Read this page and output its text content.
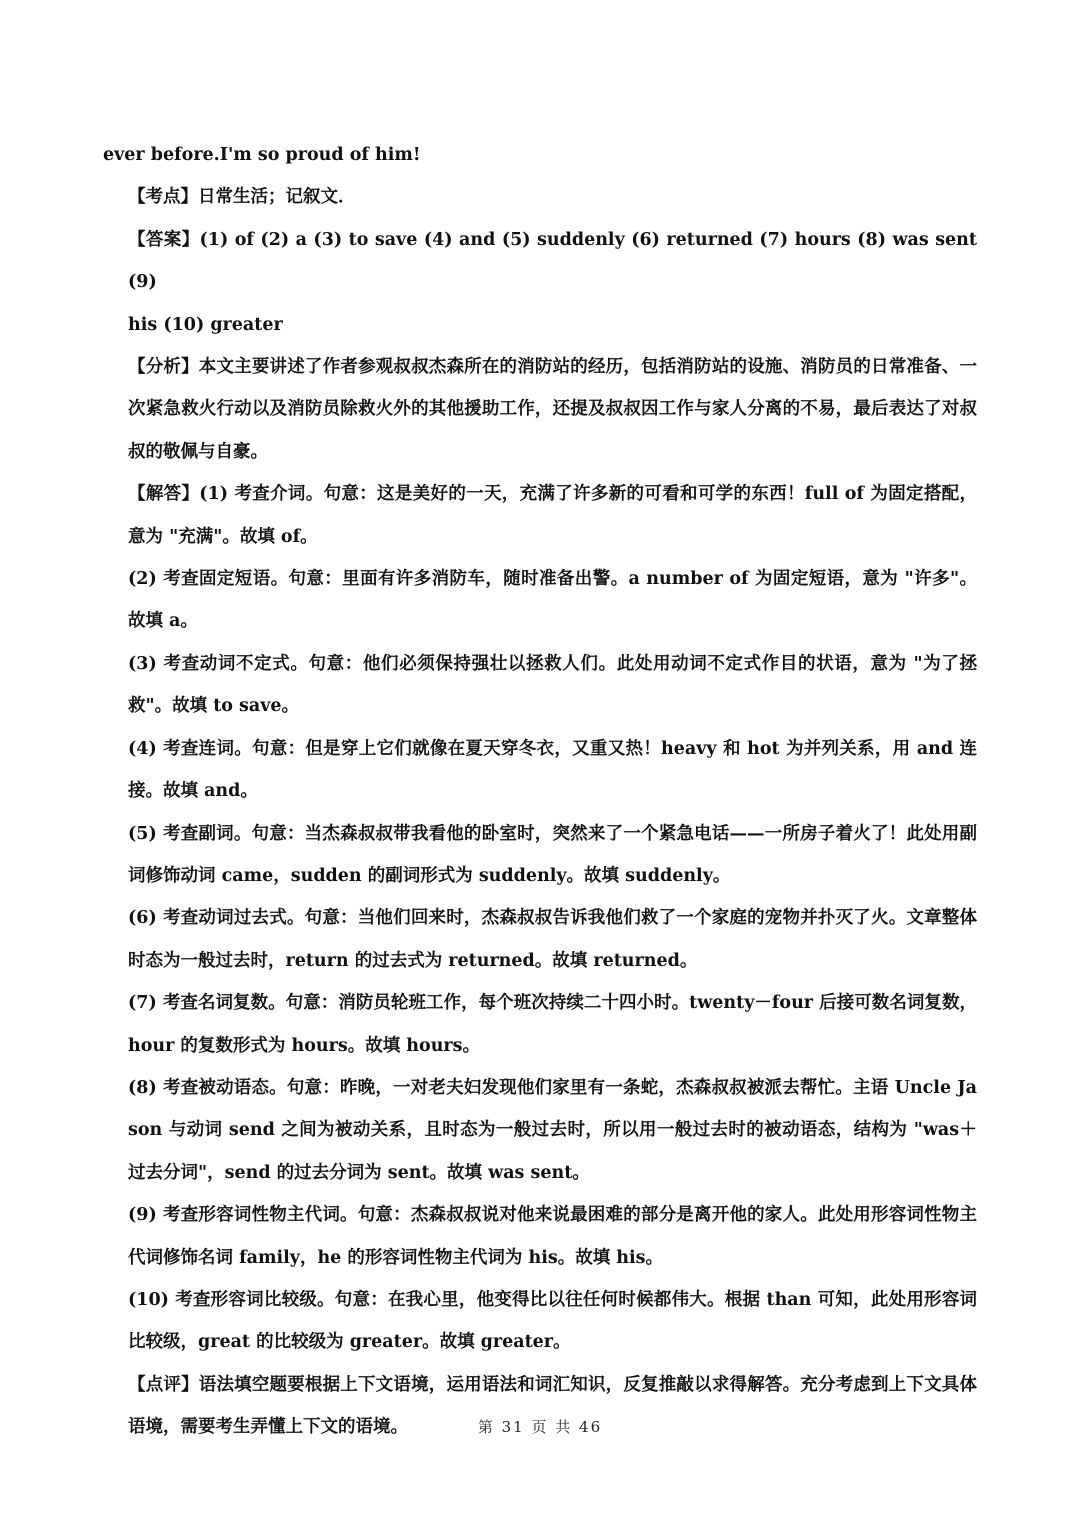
ever before.I'm so proud of him!

【考点】日常生活；记叙文．

【答案】(1) of (2) a (3) to save (4) and (5) suddenly (6) returned (7) hours (8) was sent (9)

his (10) greater

【分析】本文主要讲述了作者参观叔叔杰森所在的消防站的经历，包括消防站的设施、消防员的日常准备、一次紧急救火行动以及消防员除救火外的其他援助工作，还提及叔叔因工作与家人分离的不易，最后表达了对叔叔的敬佩与自豪。

【解答】(1) 考查介词。句意：这是美好的一天，充满了许多新的可看和可学的东西！full of 为固定搭配，意为 "充满"。故填 of。

(2) 考查固定短语。句意：里面有许多消防车，随时准备出警。a number of 为固定短语，意为 "许多"。故填 a。

(3) 考查动词不定式。句意：他们必须保持强壮以拯救人们。此处用动词不定式作目的状语，意为 "为了拯救"。故填 to save。

(4) 考查连词。句意：但是穿上它们就像在夏天穿冬衣，又重又热！heavy 和 hot 为并列关系，用 and 连接。故填 and。

(5) 考查副词。句意：当杰森叔叔带我看他的卧室时，突然来了一个紧急电话——一所房子着火了！此处用副词修饰动词 came，sudden 的副词形式为 suddenly。故填 suddenly。

(6) 考查动词过去式。句意：当他们回来时，杰森叔叔告诉我他们救了一个家庭的宠物并扑灭了火。文章整体时态为一般过去时，return 的过去式为 returned。故填 returned。

(7) 考查名词复数。句意：消防员轮班工作，每个班次持续二十四小时。twenty－four 后接可数名词复数，hour 的复数形式为 hours。故填 hours。

(8) 考查被动语态。句意：昨晚，一对老夫妇发现他们家里有一条蛇，杰森叔叔被派去帮忙。主语 Uncle Jason 与动词 send 之间为被动关系，且时态为一般过去时，所以用一般过去时的被动语态，结构为 "was＋ 过去分词"，send 的过去分词为 sent。故填 was sent。

(9) 考查形容词性物主代词。句意：杰森叔叔说对他来说最困难的部分是离开他的家人。此处用形容词性物主代词修饰名词 family，he 的形容词性物主代词为 his。故填 his。

(10) 考查形容词比较级。句意：在我心里，他变得比以往任何时候都伟大。根据 than 可知，此处用形容词比较级，great 的比较级为 greater。故填 greater。

【点评】语法填空题要根据上下文语境，运用语法和词汇知识，反复推敲以求得解答。充分考虑到上下文具体语境，需要考生弄懂上下文的语境。	第 31 页 共 46
